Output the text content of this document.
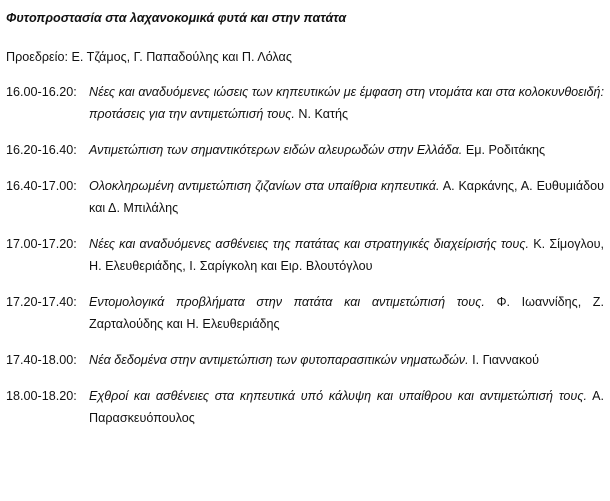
Φυτοπροστασία στα λαχανοκομικά φυτά και στην πατάτα
Προεδρείο: Ε. Τζάμος, Γ. Παπαδούλης και Π. Λόλας
16.00-16.20: Νέες και αναδυόμενες ιώσεις των κηπευτικών με έμφαση στη ντομάτα και στα κολοκυνθοειδή: προτάσεις για την αντιμετώπισή τους. Ν. Κατής
16.20-16.40: Αντιμετώπιση των σημαντικότερων ειδών αλευρωδών στην Ελλάδα. Εμ. Ροδιτάκης
16.40-17.00: Ολοκληρωμένη αντιμετώπιση ζιζανίων στα υπαίθρια κηπευτικά. Α. Καρκάνης, Α. Ευθυμιάδου και Δ. Μπιλάλης
17.00-17.20: Νέες και αναδυόμενες ασθένειες της πατάτας και στρατηγικές διαχείρισής τους. Κ. Σίμογλου, Η. Ελευθεριάδης, Ι. Σαρίγκολη και Ειρ. Βλουτόγλου
17.20-17.40: Εντομολογικά προβλήματα στην πατάτα και αντιμετώπισή τους. Φ. Ιωαννίδης, Ζ. Ζαρταλούδης και Η. Ελευθεριάδης
17.40-18.00: Νέα δεδομένα στην αντιμετώπιση των φυτοπαρασιτικών νηματωδών. Ι. Γιαννακού
18.00-18.20: Εχθροί και ασθένειες στα κηπευτικά υπό κάλυψη και υπαίθρου και αντιμετώπισή τους. Α. Παρασκευόπουλος
